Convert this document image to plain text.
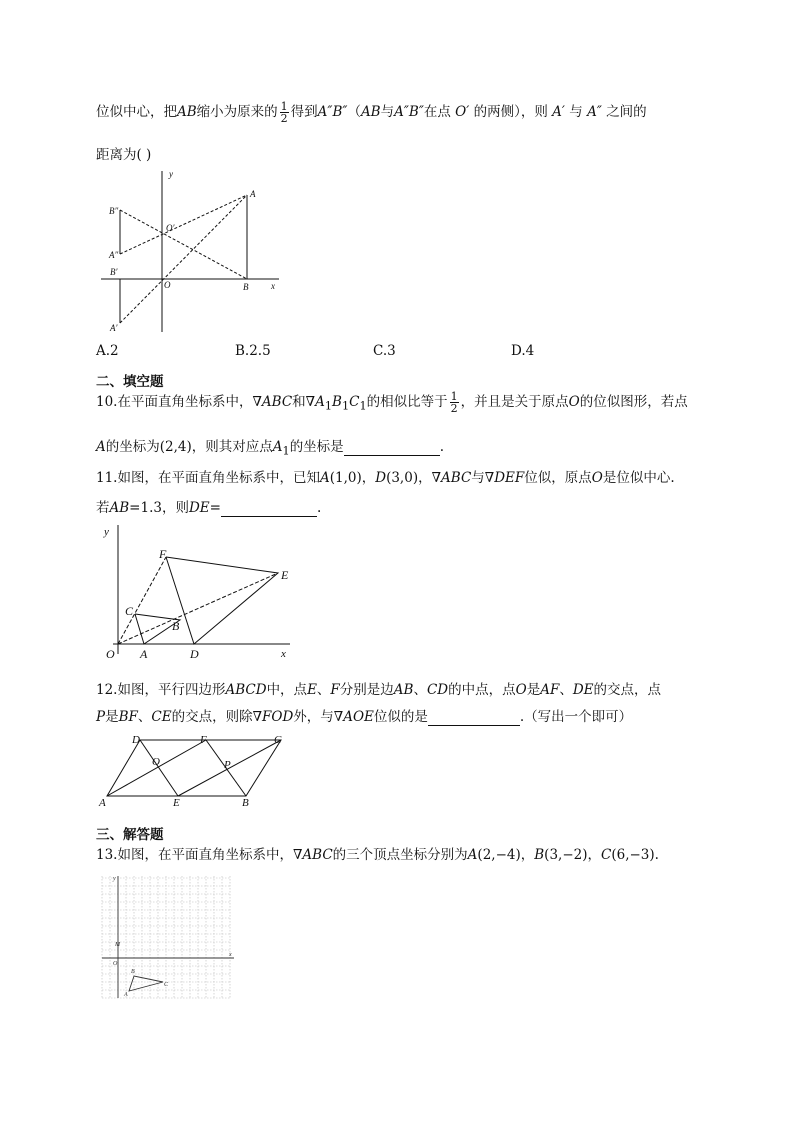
位似中心，把AB缩小为原来的 $\frac{1}{2}$ 得到A″B″（AB与A″B″在点 O′ 的两侧），则 A′ 与 A″ 之间的
距离为( )
y
x
A
B
O
O′
A′
B′
A″
B″
A.2	B.2.5	C.3	D.4
二、填空题
10.在平面直角坐标系中，∇ABC和$\nabla A_1B_1C_1$的相似比等于 $\frac{1}{2}$ ，并且是关于原点O的位似图形，若点
A的坐标为(2,4)，则其对应点$A_1$的坐标是	.
11.如图，在平面直角坐标系中，已知A(1,0)，D(3,0)，∇ABC与∇DEF位似，原点O是位似中心.
若AB=1.3，则DE=	.
y
x
O A	D
B
C
E
F
12.如图，平行四边形ABCD中，点E、F分别是边AB、CD的中点，点O是AF、DE的交点，点
P是BF、CE的交点，则除∇FOD外，与∇AOE位似的是	.（写出一个即可）
A	B
C
D
E
F
O	P
三、解答题
13.如图，在平面直角坐标系中，∇ABC的三个顶点坐标分别为A(2,−4)，B(3,−2)，C(6,−3).
y
x
O
M
A
B
C
